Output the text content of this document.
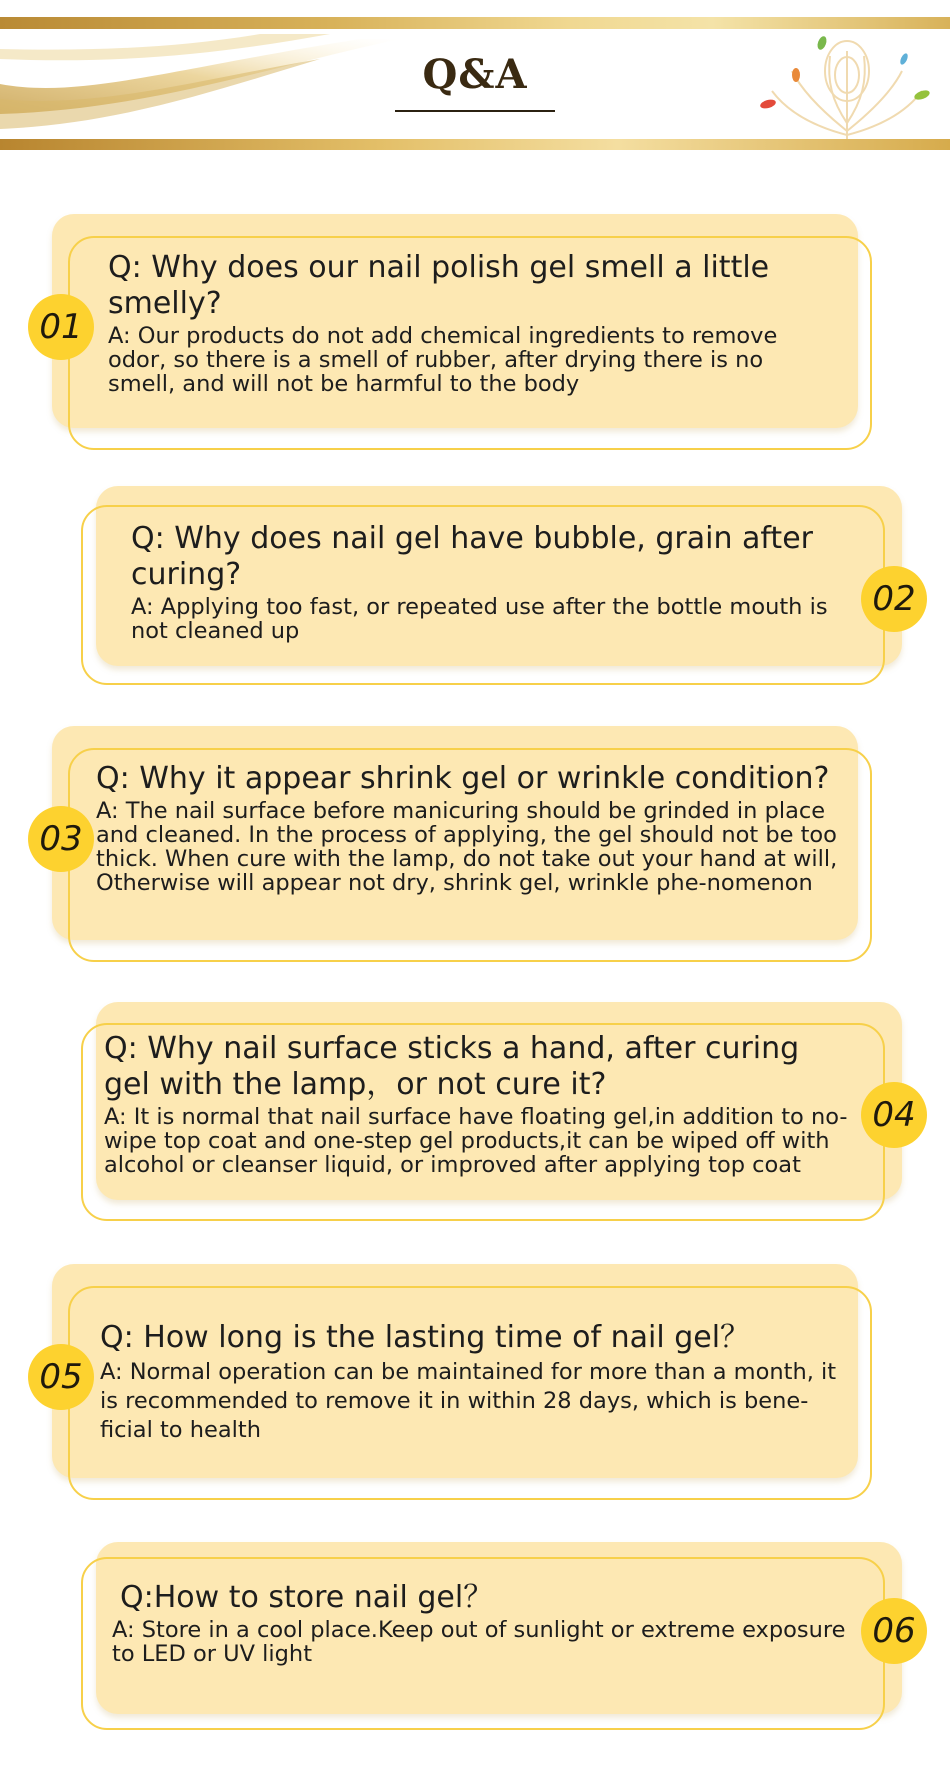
Q&A
01

Q: Why does our nail polish gel smell a little smelly?

A: Our products do not add chemical ingredients to remove odor, so there is a smell of rubber, after drying there is no smell, and will not be harmful to the body

02

Q: Why does nail gel have bubble, grain after curing?

A: Applying too fast, or repeated use after the bottle mouth is not cleaned up

03

Q: Why it appear shrink gel or wrinkle condition?

A: The nail surface before manicuring should be grinded in place and cleaned. In the process of applying, the gel should not be too thick. When cure with the lamp, do not take out your hand at will, Otherwise will appear not dry, shrink gel, wrinkle phe-nomenon

04

Q: Why nail surface sticks a hand, after curing gel with the lamp，or not cure it?

A: It is normal that nail surface have floating gel,in addition to no-wipe top coat and one-step gel products,it can be wiped off with alcohol or cleanser liquid, or improved after applying top coat

05

Q: How long is the lasting time of nail gel？

A: Normal operation can be maintained for more than a month, it is recommended to remove it in within 28 days, which is bene-ficial to health

06

Q:How to store nail gel？

A: Store in a cool place.Keep out of sunlight or extreme exposure to LED or UV light
